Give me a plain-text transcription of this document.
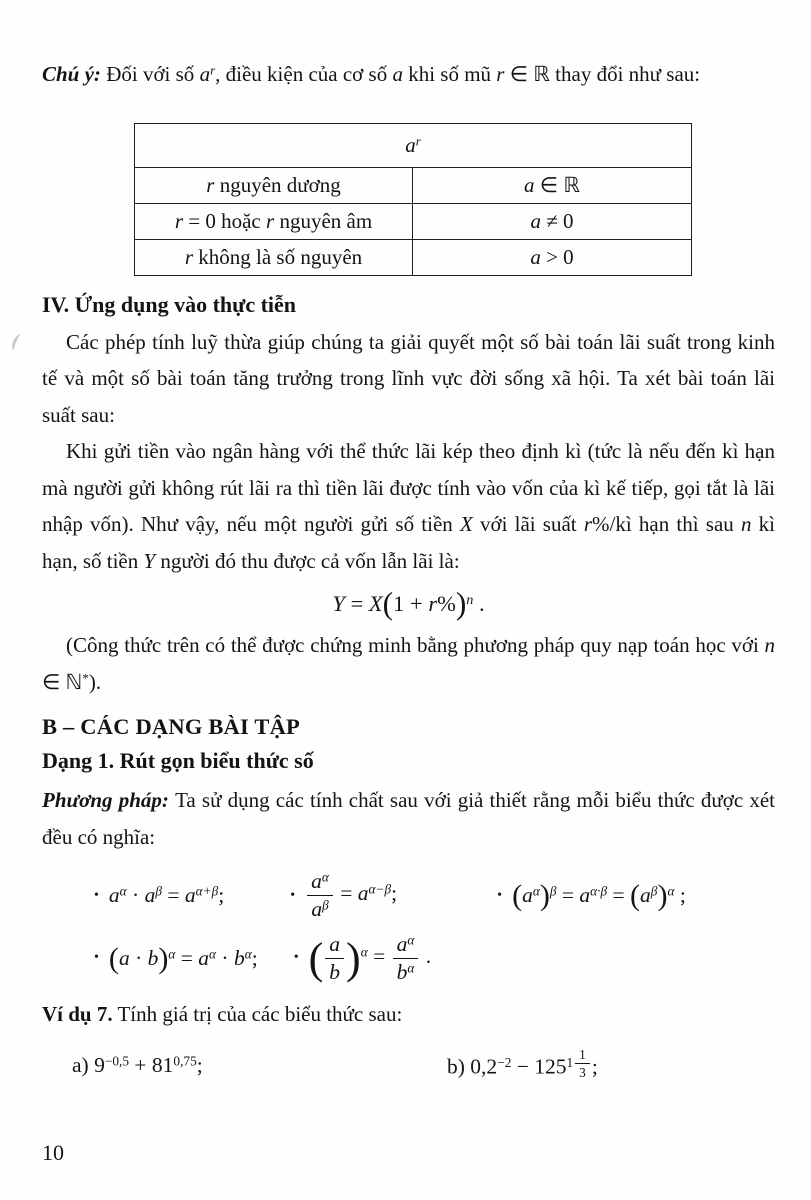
Chú ý: Đối với số $a^r$, điều kiện của cơ số a khi số mũ r ∈ ℝ thay đổi như sau:

$a^r$
r nguyên dương	a ∈ ℝ
r = 0 hoặc r nguyên âm	a ≠ 0
r không là số nguyên	a > 0
IV. Ứng dụng vào thực tiễn

Các phép tính luỹ thừa giúp chúng ta giải quyết một số bài toán lãi suất trong kinh tế và một số bài toán tăng trưởng trong lĩnh vực đời sống xã hội. Ta xét bài toán lãi suất sau:

Khi gửi tiền vào ngân hàng với thể thức lãi kép theo định kì (tức là nếu đến kì hạn mà người gửi không rút lãi ra thì tiền lãi được tính vào vốn của kì kế tiếp, gọi tắt là lãi nhập vốn). Như vậy, nếu một người gửi số tiền X với lãi suất r%/kì hạn thì sau n kì hạn, số tiền Y người đó thu được cả vốn lẫn lãi là:

$Y = X(1 + r\%)^n$ .

(Công thức trên có thể được chứng minh bằng phương pháp quy nạp toán học với n ∈ ℕ*).

B – CÁC DẠNG BÀI TẬP
Dạng 1. Rút gọn biểu thức số

Phương pháp: Ta sử dụng các tính chất sau với giả thiết rằng mỗi biểu thức được xét đều có nghĩa:

• $a^\alpha \cdot a^\beta = a^{\alpha+\beta}$;	• $\frac{a^\alpha}{a^\beta} = a^{\alpha-\beta}$;	• $(a^\alpha)^\beta = a^{\alpha\cdot\beta} = (a^\beta)^\alpha$ ;
• $(a \cdot b)^\alpha = a^\alpha \cdot b^\alpha$;	• ( $\frac{a}{b} )^\alpha = \frac{a^\alpha}{b^\alpha}$ .

Ví dụ 7. Tính giá trị của các biểu thức sau:

a) $9^{-0,5} + 81^{0,75}$;	b) $0,2^{-2} - 125^{1 \frac{1}{3}}$ ;
10
